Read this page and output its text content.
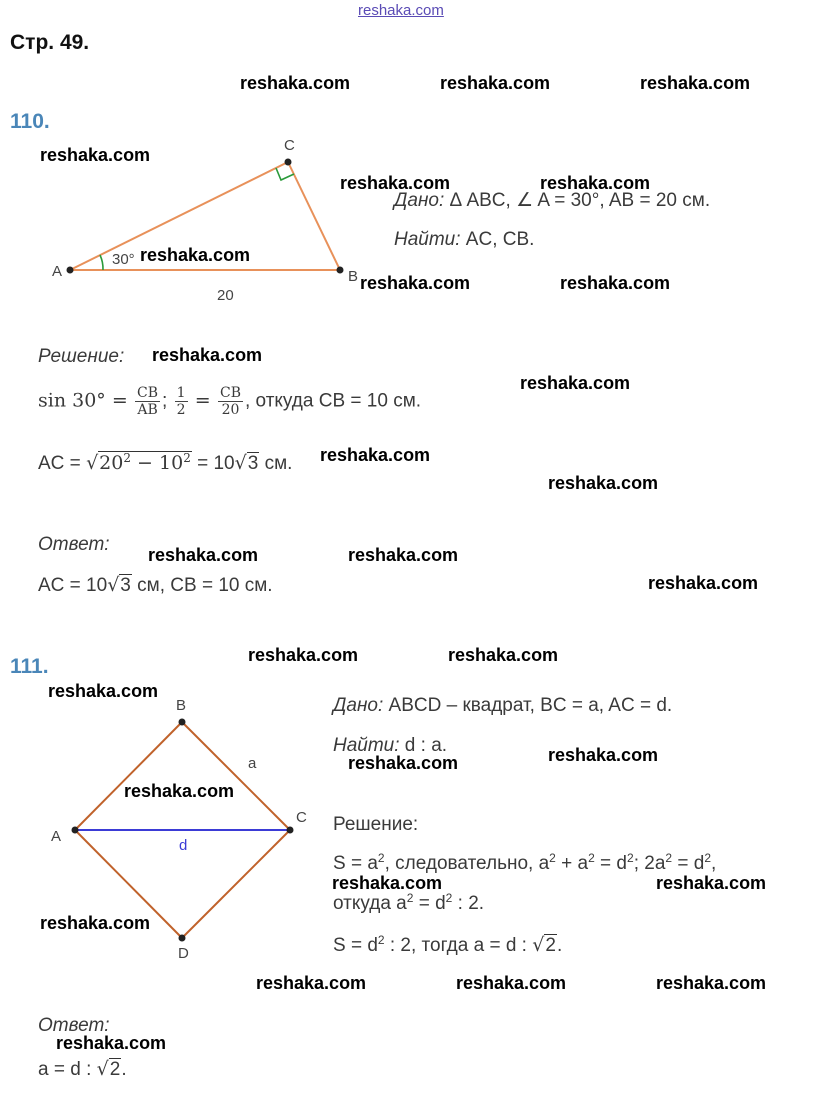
reshaka.com
Стр. 49.
110.
A	B
C
30°
20
Дано: Δ ABC, ∠ A = 30°, AB = 20 см.
Найти: AC, CB.
Решение:
$\sin 30^\circ = \frac{CB}{AB}$ ; $\frac{1}{2} = \frac{CB}{20}$ , откуда CB = 10 см.
AC = $√20^2 - 10^2 = 10√3$ см.
Ответ:
AC = 10√3 см, CB = 10 см.
111.
A
B
C
D
a
d
Дано: ABCD – квадрат, BC = a, AC = d.
Найти: d : a.
Решение:
$S = a^2$, следовательно, $a^2 + a^2 = d^2$; $2a^2 = d^2$,
откуда $a^2 = d^2$ : 2.
$S = d^2$ : 2, тогда a = d : √2.
Ответ:
a = d : √2.
reshaka.com	reshaka.com	reshaka.com
reshaka.com
reshaka.com	reshaka.com
reshaka.com
reshaka.com	reshaka.com
reshaka.com
reshaka.com
reshaka.com
reshaka.com
reshaka.com	reshaka.com
reshaka.com
reshaka.com	reshaka.com
reshaka.com
reshaka.com
reshaka.com
reshaka.com
reshaka.com	reshaka.com
reshaka.com
reshaka.com	reshaka.com	reshaka.com
reshaka.com
